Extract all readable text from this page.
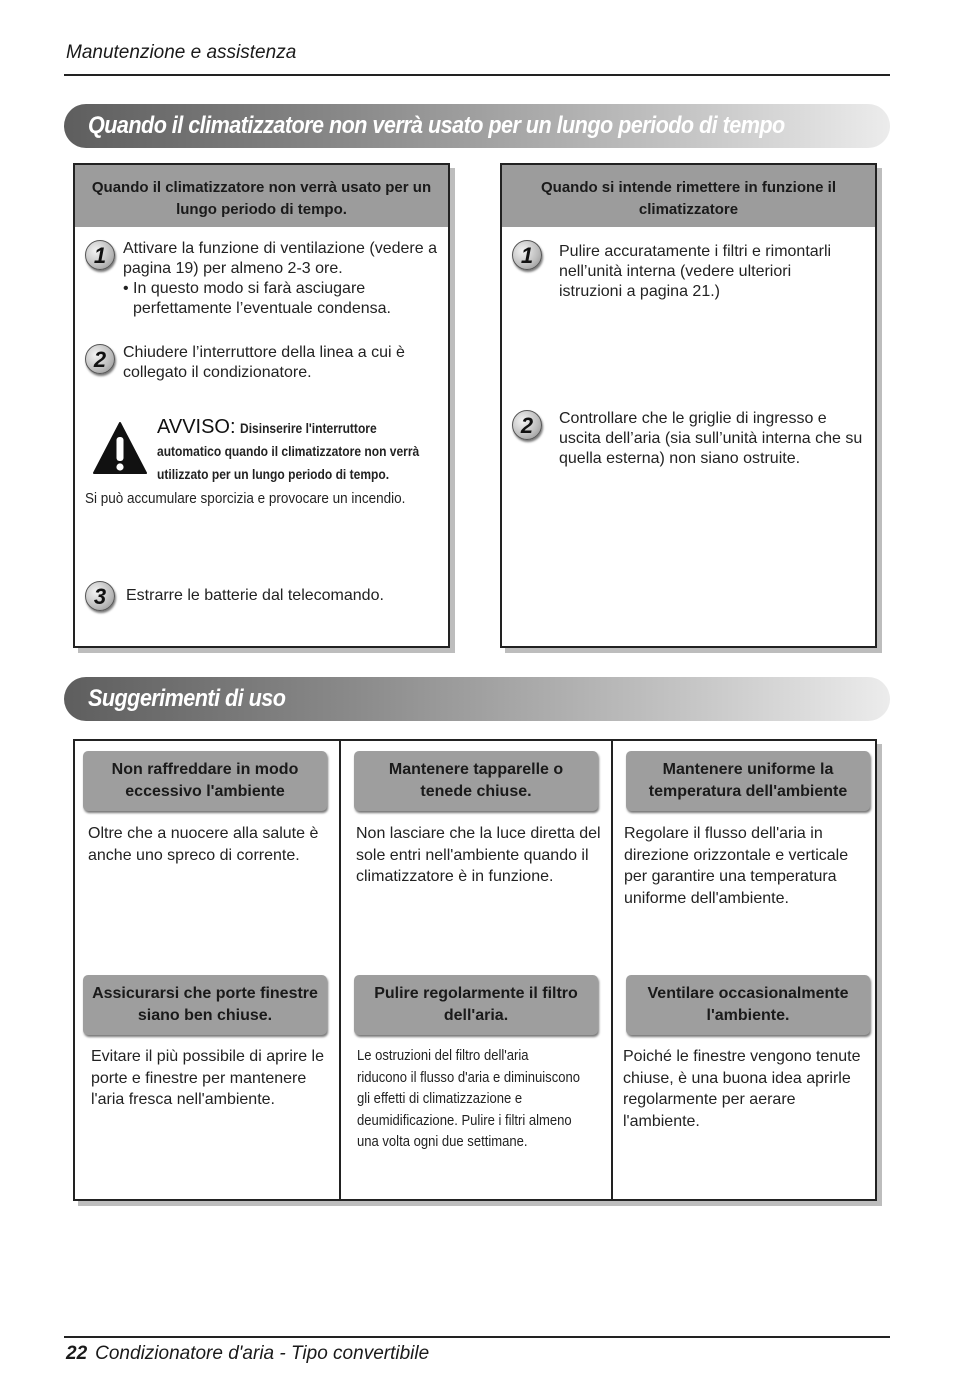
Manutenzione e assistenza
Quando il climatizzatore non verrà usato per un lungo periodo di tempo
Quando il climatizzatore non verrà usato per un lungo periodo di tempo.
1	Attivare la funzione di ventilazione (vedere a
pagina 19) per almeno 2-3 ore.
• In questo modo si farà asciugare
perfettamente l’eventuale condensa.
2	Chiudere l’interruttore della linea a cui è
collegato il condizionatore.
AVVISO: Disinserire l'interruttore
automatico quando il climatizzatore non verrà
utilizzato per un lungo periodo di tempo.
Si può accumulare sporcizia e provocare un incendio.
3	Estrarre le batterie dal telecomando.
Quando si intende rimettere in funzione il climatizzatore
1	Pulire accuratamente i filtri e rimontarli
nell’unità interna (vedere ulteriori
istruzioni a pagina 21.)
2	Controllare che le griglie di ingresso e
uscita dell’aria (sia sull’unità interna che su
quella esterna) non siano ostruite.
Suggerimenti di uso
Non raffreddare in modo
eccessivo l'ambiente
Oltre che a nuocere alla salute è
anche uno spreco di corrente.
Mantenere tapparelle o
tenede chiuse.
Non lasciare che la luce diretta del
sole entri nell'ambiente quando il
climatizzatore è in funzione.
Mantenere uniforme la
temperatura dell'ambiente
Regolare il flusso dell'aria in
direzione orizzontale e verticale
per garantire una temperatura
uniforme dell'ambiente.
Assicurarsi che porte finestre
siano ben chiuse.
Evitare il più possibile di aprire le
porte e finestre per mantenere
l'aria fresca nell'ambiente.
Pulire regolarmente il filtro
dell'aria.
Le ostruzioni del filtro dell'aria
riducono il flusso d'aria e diminuiscono
gli effetti di climatizzazione e
deumidificazione. Pulire i filtri almeno
una volta ogni due settimane.
Ventilare occasionalmente
l'ambiente.
Poiché le finestre vengono tenute
chiuse, è una buona idea aprirle
regolarmente per aerare
l'ambiente.
22 Condizionatore d'aria - Tipo convertibile
